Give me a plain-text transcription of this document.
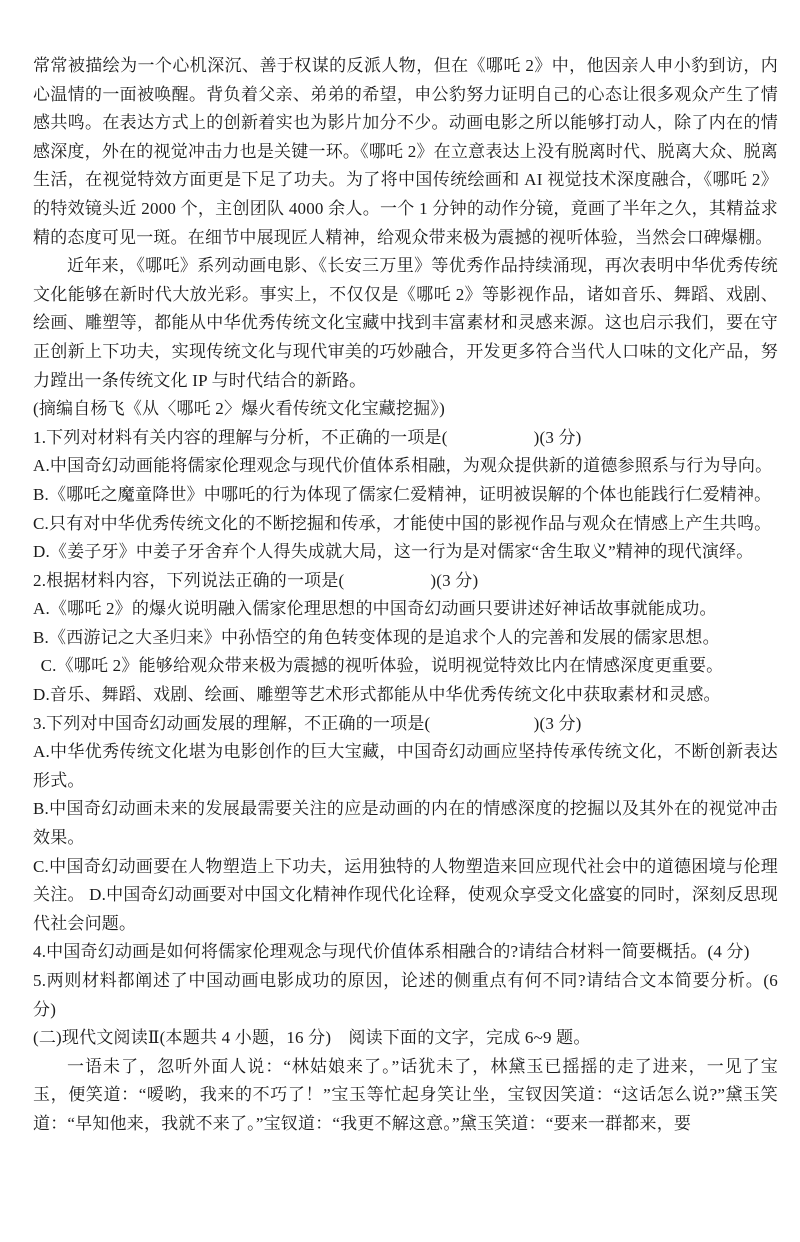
常常被描绘为一个心机深沉、善于权谋的反派人物，但在《哪吒 2》中，他因亲人申小豹到访，内心温情的一面被唤醒。背负着父亲、弟弟的希望，申公豹努力证明自己的心态让很多观众产生了情感共鸣。在表达方式上的创新着实也为影片加分不少。动画电影之所以能够打动人，除了内在的情感深度，外在的视觉冲击力也是关键一环。《哪吒 2》在立意表达上没有脱离时代、脱离大众、脱离生活，在视觉特效方面更是下足了功夫。为了将中国传统绘画和 AI 视觉技术深度融合，《哪吒 2》的特效镜头近 2000 个，主创团队 4000 余人。一个 1 分钟的动作分镜，竟画了半年之久，其精益求精的态度可见一斑。在细节中展现匠人精神，给观众带来极为震撼的视听体验，当然会口碑爆棚。

近年来，《哪吒》系列动画电影、《长安三万里》等优秀作品持续涌现，再次表明中华优秀传统文化能够在新时代大放光彩。事实上，不仅仅是《哪吒 2》等影视作品，诸如音乐、舞蹈、戏剧、绘画、雕塑等，都能从中华优秀传统文化宝藏中找到丰富素材和灵感来源。这也启示我们，要在守正创新上下功夫，实现传统文化与现代审美的巧妙融合，开发更多符合当代人口味的文化产品，努力蹚出一条传统文化 IP 与时代结合的新路。

(摘编自杨飞《从〈哪吒 2〉爆火看传统文化宝藏挖掘》)

1.下列对材料有关内容的理解与分析，不正确的一项是(　　　　　)(3 分)

A.中国奇幻动画能将儒家伦理观念与现代价值体系相融，为观众提供新的道德参照系与行为导向。

B.《哪吒之魔童降世》中哪吒的行为体现了儒家仁爱精神，证明被误解的个体也能践行仁爱精神。

C.只有对中华优秀传统文化的不断挖掘和传承，才能使中国的影视作品与观众在情感上产生共鸣。

D.《姜子牙》中姜子牙舍弃个人得失成就大局，这一行为是对儒家“舍生取义”精神的现代演绎。

2.根据材料内容，下列说法正确的一项是(　　　　　)(3 分)

A.《哪吒 2》的爆火说明融入儒家伦理思想的中国奇幻动画只要讲述好神话故事就能成功。

B.《西游记之大圣归来》中孙悟空的角色转变体现的是追求个人的完善和发展的儒家思想。

C.《哪吒 2》能够给观众带来极为震撼的视听体验，说明视觉特效比内在情感深度更重要。

D.音乐、舞蹈、戏剧、绘画、雕塑等艺术形式都能从中华优秀传统文化中获取素材和灵感。

3.下列对中国奇幻动画发展的理解，不正确的一项是(　　　　　　)(3 分)

A.中华优秀传统文化堪为电影创作的巨大宝藏，中国奇幻动画应坚持传承传统文化，不断创新表达形式。

B.中国奇幻动画未来的发展最需要关注的应是动画的内在的情感深度的挖掘以及其外在的视觉冲击效果。

C.中国奇幻动画要在人物塑造上下功夫，运用独特的人物塑造来回应现代社会中的道德困境与伦理关注。 D.中国奇幻动画要对中国文化精神作现代化诠释，使观众享受文化盛宴的同时，深刻反思现代社会问题。

4.中国奇幻动画是如何将儒家伦理观念与现代价值体系相融合的?请结合材料一简要概括。(4 分)

5.两则材料都阐述了中国动画电影成功的原因，论述的侧重点有何不同?请结合文本简要分析。(6 分)

(二)现代文阅读Ⅱ(本题共 4 小题，16 分)　阅读下面的文字，完成 6~9 题。

一语未了，忽听外面人说：“林姑娘来了。”话犹未了，林黛玉已摇摇的走了进来，一见了宝玉，便笑道：“嗳哟，我来的不巧了！”宝玉等忙起身笑让坐，宝钗因笑道：“这话怎么说?”黛玉笑道：“早知他来，我就不来了。”宝钗道：“我更不解这意。”黛玉笑道：“要来一群都来，要
